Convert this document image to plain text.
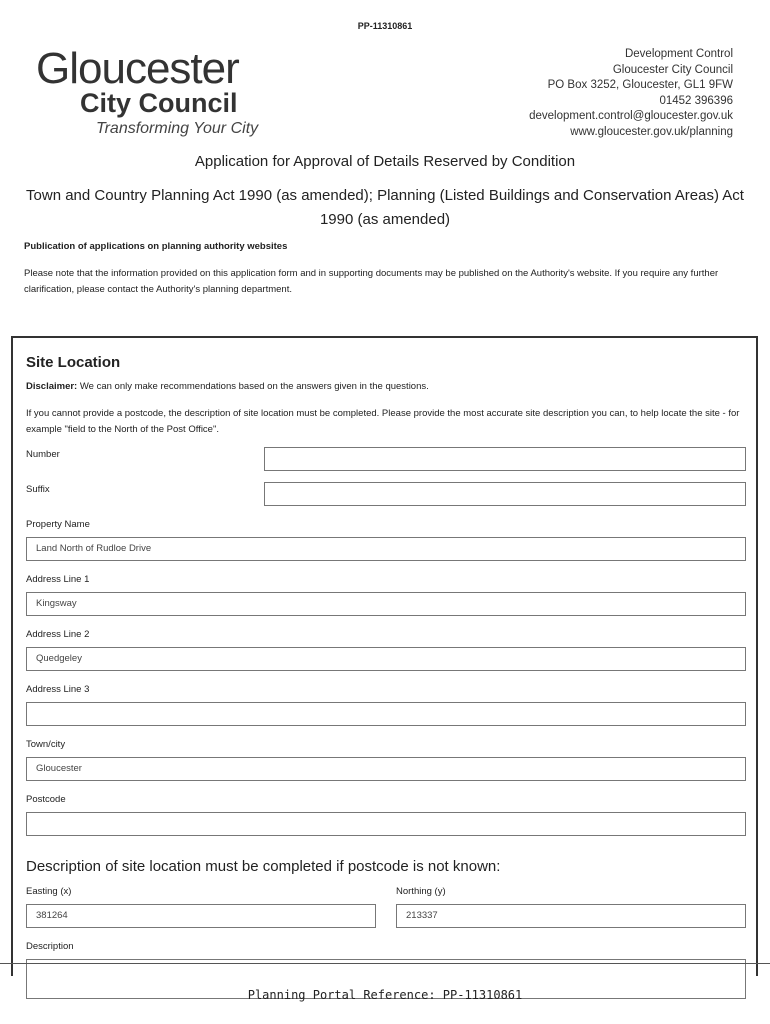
PP-11310861
Gloucester
City Council
Transforming Your City
Development Control
Gloucester City Council
PO Box 3252, Gloucester, GL1 9FW
01452 396396
development.control@gloucester.gov.uk
www.gloucester.gov.uk/planning
Application for Approval of Details Reserved by Condition
Town and Country Planning Act 1990 (as amended); Planning (Listed Buildings and Conservation Areas) Act 1990 (as amended)
Publication of applications on planning authority websites
Please note that the information provided on this application form and in supporting documents may be published on the Authority's website. If you require any further clarification, please contact the Authority's planning department.
Site Location
Disclaimer: We can only make recommendations based on the answers given in the questions.
If you cannot provide a postcode, the description of site location must be completed. Please provide the most accurate site description you can, to help locate the site - for example "field to the North of the Post Office".
Number
Suffix
Property Name
Land North of Rudloe Drive
Address Line 1
Kingsway
Address Line 2
Quedgeley
Address Line 3
Town/city
Gloucester
Postcode
Description of site location must be completed if postcode is not known:
Easting (x)
381264
Northing (y)
213337
Description
Planning Portal Reference: PP-11310861
